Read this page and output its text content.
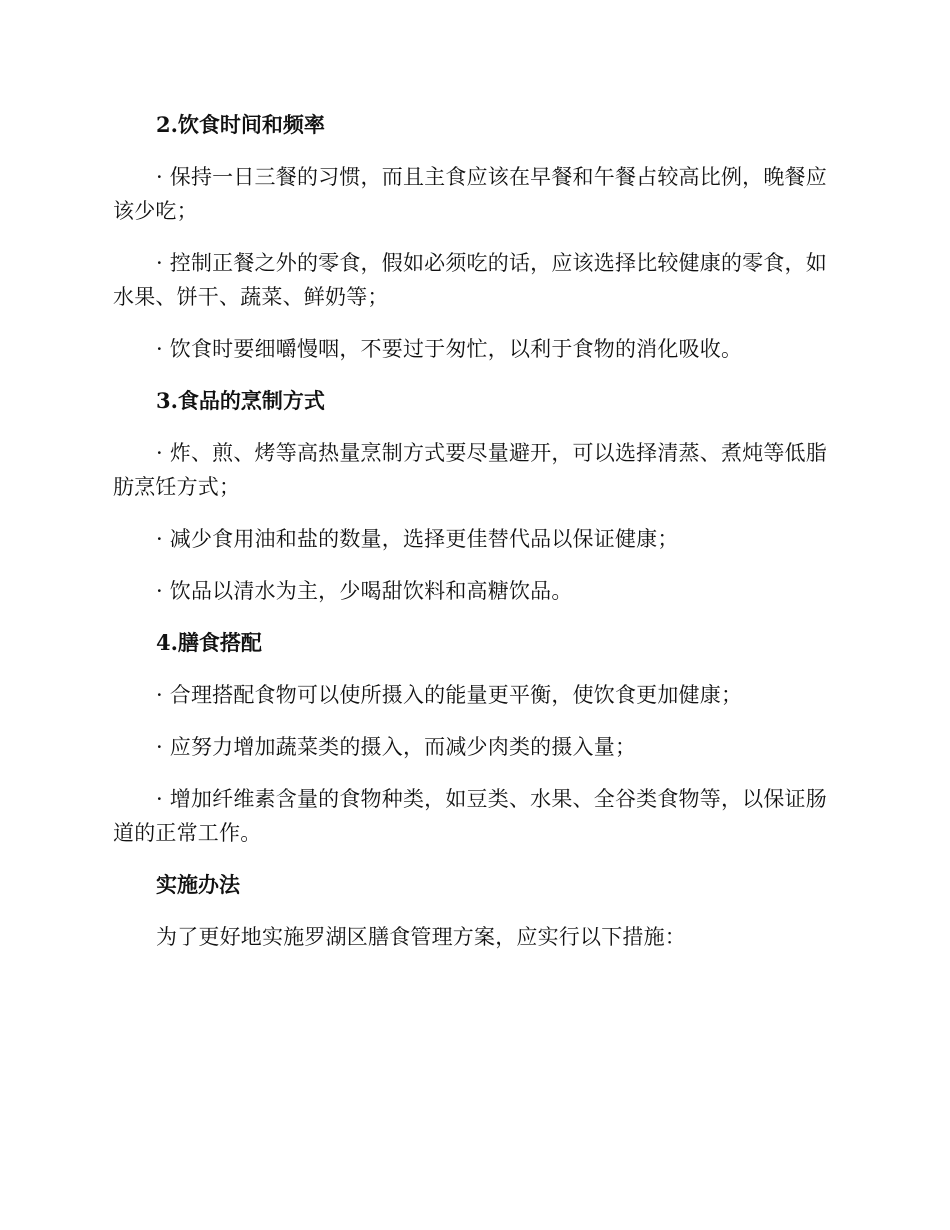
2.饮食时间和频率
· 保持一日三餐的习惯，而且主食应该在早餐和午餐占较高比例，晚餐应该少吃；
· 控制正餐之外的零食，假如必须吃的话，应该选择比较健康的零食，如水果、饼干、蔬菜、鲜奶等；
· 饮食时要细嚼慢咽，不要过于匆忙，以利于食物的消化吸收。
3.食品的烹制方式
· 炸、煎、烤等高热量烹制方式要尽量避开，可以选择清蒸、煮炖等低脂肪烹饪方式；
· 减少食用油和盐的数量，选择更佳替代品以保证健康；
· 饮品以清水为主，少喝甜饮料和高糖饮品。
4.膳食搭配
· 合理搭配食物可以使所摄入的能量更平衡，使饮食更加健康；
· 应努力增加蔬菜类的摄入，而减少肉类的摄入量；
· 增加纤维素含量的食物种类，如豆类、水果、全谷类食物等，以保证肠道的正常工作。
实施办法
为了更好地实施罗湖区膳食管理方案，应实行以下措施：
